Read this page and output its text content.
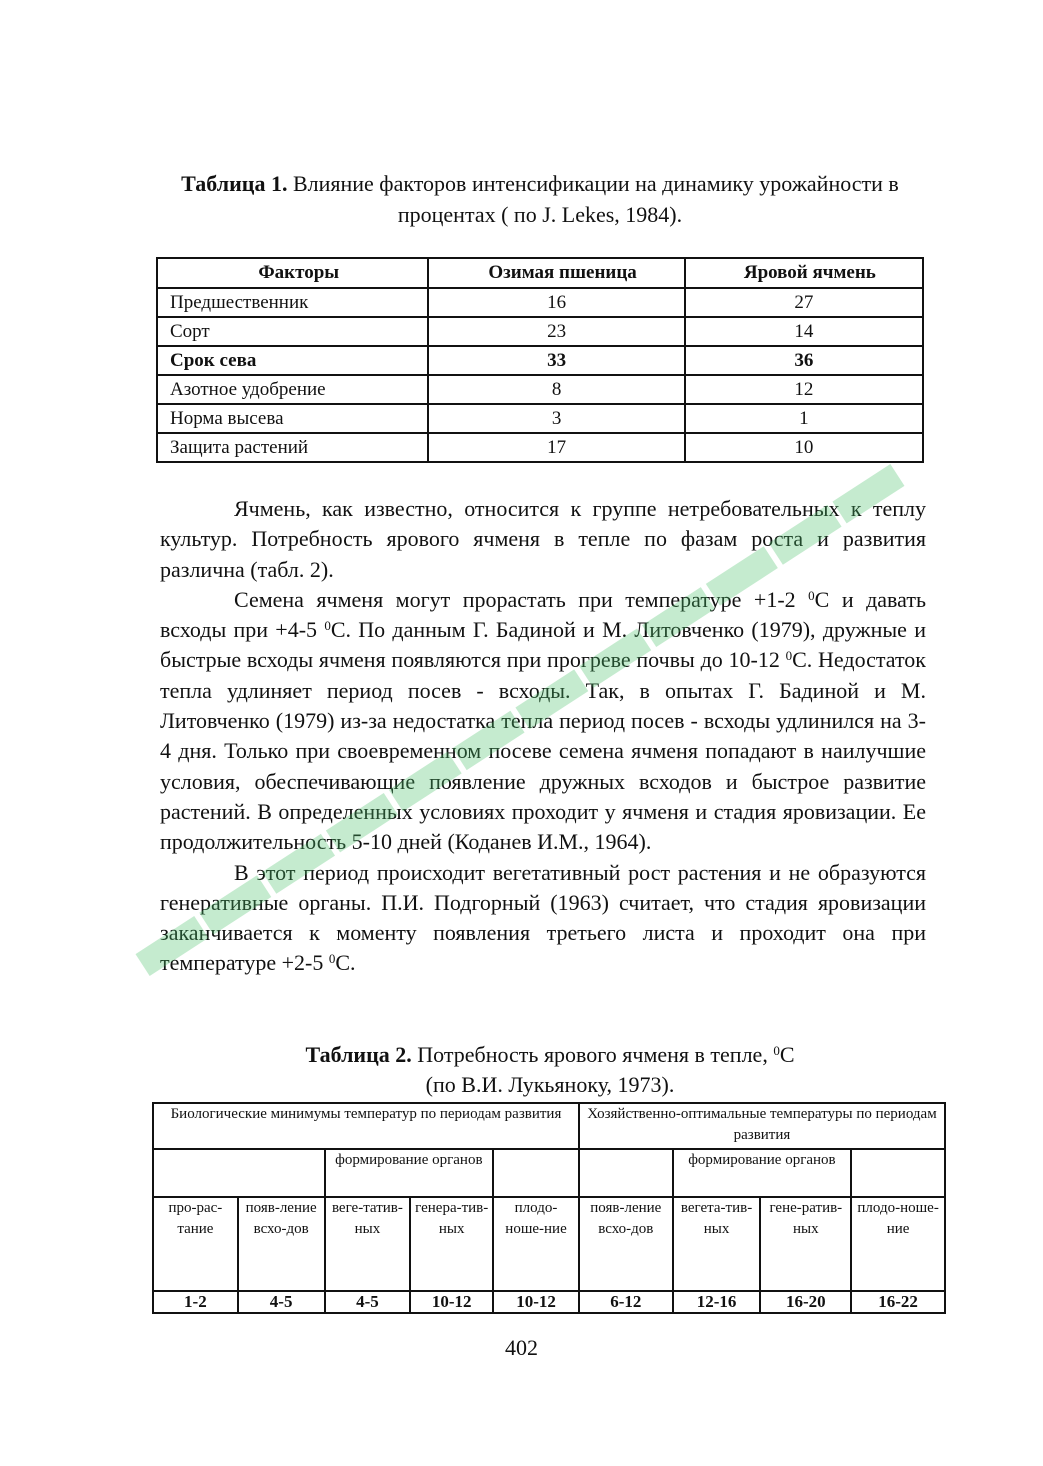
Таблица 1. Влияние факторов интенсификации на динамику урожайности в процентах ( по J. Lekes, 1984).
Факторы	Озимая пшеница	Яровой ячмень
Предшественник	16	27
Сорт	23	14
Срок сева	33	36
Азотное удобрение	8	12
Норма высева	3	1
Защита растений	17	10

Ячмень, как известно, относится к группе нетребовательных к теплу культур. Потребность ярового ячменя в тепле по фазам роста и развития различна (табл. 2).

Семена ячменя могут прорастать при температуре +1-2 $^0$С и давать всходы при +4-5 $^0$С. По данным Г. Бадиной и М. Литовченко (1979), дружные и быстрые всходы ячменя появляются при прогреве почвы до 10-12 $^0$С. Недостаток тепла удлиняет период посев - всходы. Так, в опытах Г. Бадиной и М. Литовченко (1979) из-за недостатка тепла период посев - всходы удлинился на 3-4 дня. Только при своевременном посеве семена ячменя попадают в наилучшие условия, обеспечивающие появление дружных всходов и быстрое развитие растений. В определенных условиях проходит у ячменя и стадия яровизации. Ее продолжительность 5-10 дней (Коданев И.М., 1964).

В этот период происходит вегетативный рост растения и не образуются генеративные органы. П.И. Подгорный (1963) считает, что стадия яровизации заканчивается к моменту появления третьего листа и проходит она при температуре +2-5 $^0$С.

Таблица 2. Потребность ярового ячменя в тепле, $^0$С
(по В.И. Лукьяноку, 1973).
Биологические минимумы температур по периодам развития					Хозяйственно-оптимальные температуры по периодам развития			
		формирование органов				формирование органов		
про-рас-тание	появ-ление всхо-дов	веге-татив-ных	генера-тив-ных	плодо-ноше-ние	появ-ление всхо-дов	вегета-тив-ных	гене-ратив-ных	плодо-ноше-ние
1-2	4-5	4-5	10-12	10-12	6-12	12-16	16-20	16-22
402
